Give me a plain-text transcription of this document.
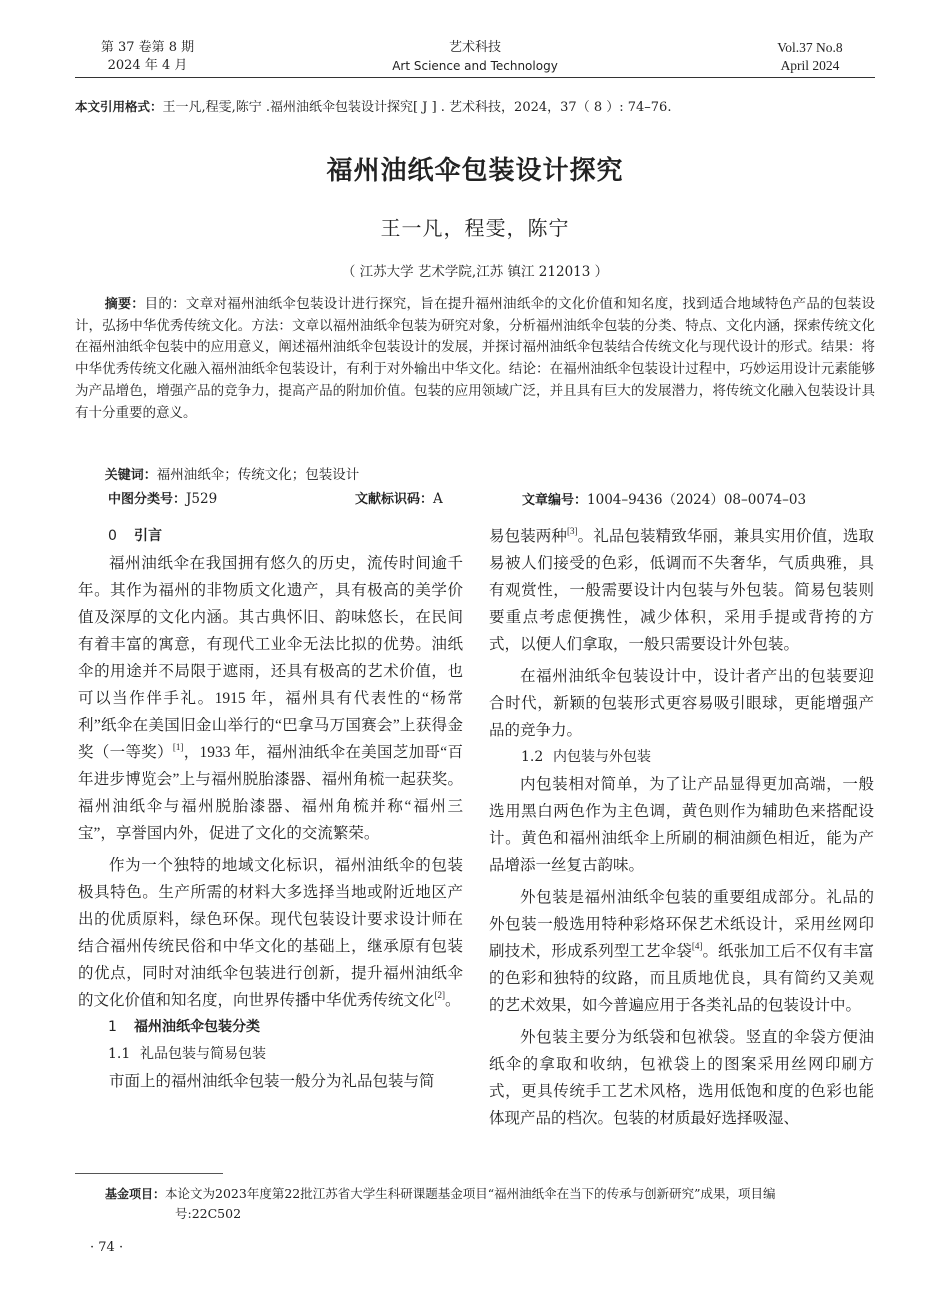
第 37 卷第 8 期
2024 年 4 月
艺术科技
Art Science and Technology
Vol.37 No.8
April 2024
本文引用格式：王一凡,程雯,陈宁 .福州油纸伞包装设计探究[ J ] . 艺术科技，2024，37（ 8 ）: 74–76.
福州油纸伞包装设计探究
王一凡，程雯，陈宁
（ 江苏大学 艺术学院,江苏 镇江 212013 ）
摘要：目的：文章对福州油纸伞包装设计进行探究，旨在提升福州油纸伞的文化价值和知名度，找到适合地域特色产品的包装设计，弘扬中华优秀传统文化。方法：文章以福州油纸伞包装为研究对象，分析福州油纸伞包装的分类、特点、文化内涵，探索传统文化在福州油纸伞包装中的应用意义，阐述福州油纸伞包装设计的发展，并探讨福州油纸伞包装结合传统文化与现代设计的形式。结果：将中华优秀传统文化融入福州油纸伞包装设计，有利于对外输出中华文化。结论：在福州油纸伞包装设计过程中，巧妙运用设计元素能够为产品增色，增强产品的竞争力，提高产品的附加价值。包装的应用领域广泛，并且具有巨大的发展潜力，将传统文化融入包装设计具有十分重要的意义。
关键词：福州油纸伞；传统文化；包装设计
中图分类号：J529	文献标识码：A	文章编号：1004–9436（2024）08–0074–03
0 引言

福州油纸伞在我国拥有悠久的历史，流传时间逾千年。其作为福州的非物质文化遗产，具有极高的美学价值及深厚的文化内涵。其古典怀旧、韵味悠长，在民间有着丰富的寓意，有现代工业伞无法比拟的优势。油纸伞的用途并不局限于遮雨，还具有极高的艺术价值，也可以当作伴手礼。1915 年，福州具有代表性的“杨常利”纸伞在美国旧金山举行的“巴拿马万国赛会”上获得金奖（一等奖）[1]，1933 年，福州油纸伞在美国芝加哥“百年进步博览会”上与福州脱胎漆器、福州角梳一起获奖。福州油纸伞与福州脱胎漆器、福州角梳并称“福州三宝”，享誉国内外，促进了文化的交流繁荣。

作为一个独特的地域文化标识，福州油纸伞的包装极具特色。生产所需的材料大多选择当地或附近地区产出的优质原料，绿色环保。现代包装设计要求设计师在结合福州传统民俗和中华文化的基础上，继承原有包装的优点，同时对油纸伞包装进行创新，提升福州油纸伞的文化价值和知名度，向世界传播中华优秀传统文化[2]。

1 福州油纸伞包装分类
1.1 礼品包装与简易包装

市面上的福州油纸伞包装一般分为礼品包装与简

易包装两种[3]。礼品包装精致华丽，兼具实用价值，选取易被人们接受的色彩，低调而不失奢华，气质典雅，具有观赏性，一般需要设计内包装与外包装。简易包装则要重点考虑便携性，减少体积，采用手提或背挎的方式，以便人们拿取，一般只需要设计外包装。

在福州油纸伞包装设计中，设计者产出的包装要迎合时代，新颖的包装形式更容易吸引眼球，更能增强产品的竞争力。

1.2 内包装与外包装

内包装相对简单，为了让产品显得更加高端，一般选用黑白两色作为主色调，黄色则作为辅助色来搭配设计。黄色和福州油纸伞上所刷的桐油颜色相近，能为产品增添一丝复古韵味。

外包装是福州油纸伞包装的重要组成部分。礼品的外包装一般选用特种彩烙环保艺术纸设计，采用丝网印刷技术，形成系列型工艺伞袋[4]。纸张加工后不仅有丰富的色彩和独特的纹路，而且质地优良，具有简约又美观的艺术效果，如今普遍应用于各类礼品的包装设计中。

外包装主要分为纸袋和包袱袋。竖直的伞袋方便油纸伞的拿取和收纳，包袱袋上的图案采用丝网印刷方式，更具传统手工艺术风格，选用低饱和度的色彩也能体现产品的档次。包装的材质最好选择吸湿、

基金项目：本论文为2023年度第22批江苏省大学生科研课题基金项目“福州油纸伞在当下的传承与创新研究”成果，项目编
号:22C502
· 74 ·
